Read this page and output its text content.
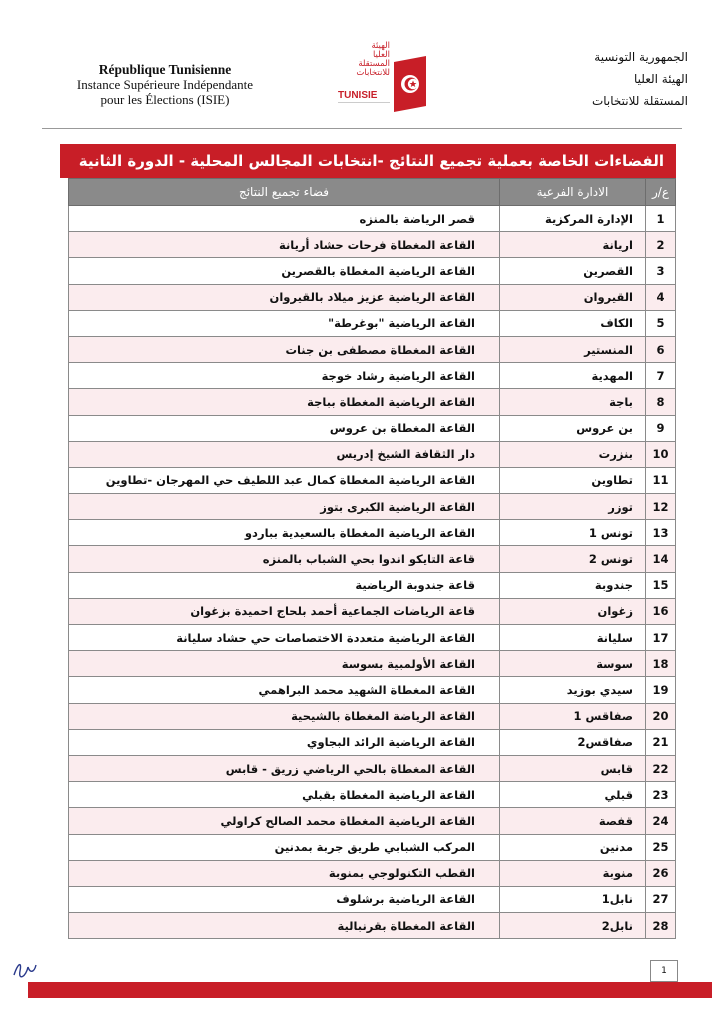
République Tunisienne
Instance Supérieure Indépendante
pour les Élections (ISIE)
الهيئة
العليا
المستقلة
للانتخابات
TUNISIE
الجمهورية التونسية
الهيئة العليا
المستقلة للانتخابات
الفضاءات الخاصة بعملية تجميع النتائج -انتخابات المجالس المحلية - الدورة الثانية
ع/ر	الادارة الفرعية	فضاء تجميع النتائج
1	الإدارة المركزية	قصر الرياضة بالمنزه
2	اريانة	القاعة المغطاة فرحات حشاد أريانة
3	القصرين	القاعة الرياضية المغطاة بالقصرين
4	القيروان	القاعة الرياضية عزيز ميلاد بالقيروان
5	الكاف	القاعة الرياضية "بوغرطة"
6	المنستير	القاعة المغطاة مصطفى بن جنات
7	المهدية	القاعة الرياضية رشاد خوجة
8	باجة	القاعة الرياضية المغطاة بباجة
9	بن عروس	القاعة المغطاة بن عروس
10	بنزرت	دار الثقافة الشيخ إدريس
11	تطاوين	القاعة الرياضية المغطاة كمال عبد اللطيف حي المهرجان -تطاوين
12	توزر	القاعة الرياضية الكبرى بتوز
13	تونس 1	القاعة الرياضية المغطاة بالسعيدية بباردو
14	تونس 2	قاعة التايكو اندوا بحي الشباب بالمنزه
15	جندوبة	قاعة جندوبة الرياضية
16	زغوان	قاعة الرياضات الجماعية أحمد بلحاج احميدة بزغوان
17	سليانة	القاعة الرياضية متعددة الاختصاصات حي حشاد سليانة
18	سوسة	القاعة الأولمبية بسوسة
19	سيدي بوزيد	القاعة المغطاة الشهيد محمد البراهمي
20	صفاقس 1	القاعة الرياضة المغطاة بالشيحية
21	صفاقس2	القاعة الرياضية الرائد البجاوي
22	قابس	القاعة المغطاة بالحي الرياضي زريق - قابس
23	قبلي	القاعة الرياضية المغطاة بقبلي
24	قفصة	القاعة الرياضية المغطاة محمد الصالح كراولي
25	مدنين	المركب الشبابي طريق جربة بمدنين
26	منوبة	القطب التكنولوجي بمنوبة
27	نابل1	القاعة الرياضية برشلوف
28	نابل2	القاعة المغطاة بقرنبالية
1
